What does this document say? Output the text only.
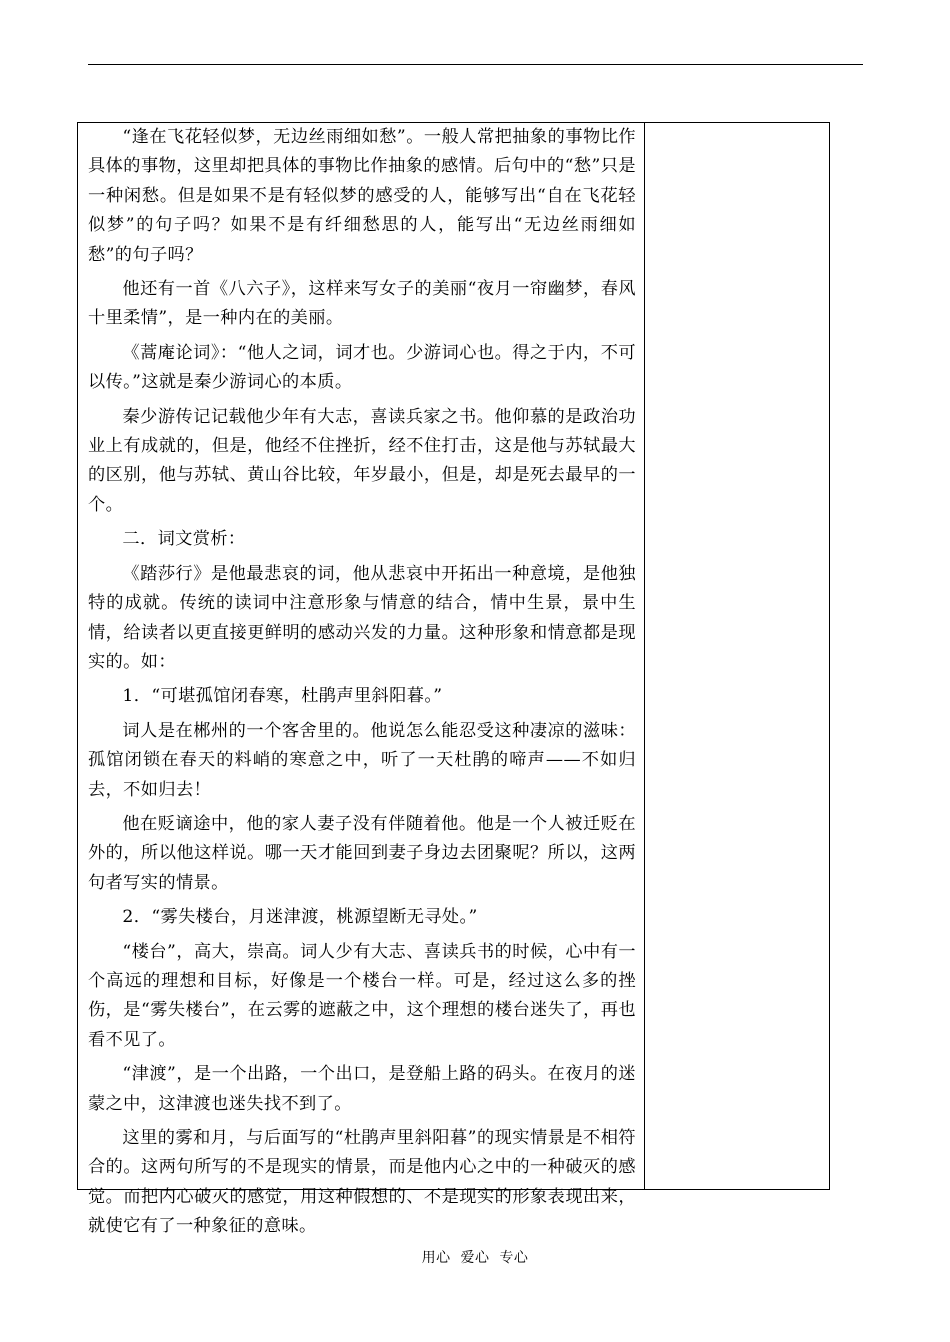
“逢在飞花轻似梦，无边丝雨细如愁”。一般人常把抽象的事物比作具体的事物，这里却把具体的事物比作抽象的感情。后句中的“愁”只是一种闲愁。但是如果不是有轻似梦的感受的人，能够写出“自在飞花轻似梦”的句子吗？如果不是有纤细愁思的人，能写出“无边丝雨细如愁”的句子吗？

他还有一首《八六子》，这样来写女子的美丽“夜月一帘幽梦，春风十里柔情”，是一种内在的美丽。

《蒿庵论词》：“他人之词，词才也。少游词心也。得之于内，不可以传。”这就是秦少游词心的本质。

秦少游传记记载他少年有大志，喜读兵家之书。他仰慕的是政治功业上有成就的，但是，他经不住挫折，经不住打击，这是他与苏轼最大的区别，他与苏轼、黄山谷比较，年岁最小，但是，却是死去最早的一个。

二．词文赏析：

《踏莎行》是他最悲哀的词，他从悲哀中开拓出一种意境，是他独特的成就。传统的读词中注意形象与情意的结合，情中生景，景中生情，给读者以更直接更鲜明的感动兴发的力量。这种形象和情意都是现实的。如：

1．“可堪孤馆闭春寒，杜鹃声里斜阳暮。”

词人是在郴州的一个客舍里的。他说怎么能忍受这种凄凉的滋味：孤馆闭锁在春天的料峭的寒意之中，听了一天杜鹃的啼声——不如归去，不如归去！

他在贬谪途中，他的家人妻子没有伴随着他。他是一个人被迁贬在外的，所以他这样说。哪一天才能回到妻子身边去团聚呢？所以，这两句者写实的情景。

2．“雾失楼台，月迷津渡，桃源望断无寻处。”

“楼台”，高大，崇高。词人少有大志、喜读兵书的时候，心中有一个高远的理想和目标，好像是一个楼台一样。可是，经过这么多的挫伤，是“雾失楼台”，在云雾的遮蔽之中，这个理想的楼台迷失了，再也看不见了。

“津渡”，是一个出路，一个出口，是登船上路的码头。在夜月的迷蒙之中，这津渡也迷失找不到了。

这里的雾和月，与后面写的“杜鹃声里斜阳暮”的现实情景是不相符合的。这两句所写的不是现实的情景，而是他内心之中的一种破灭的感觉。而把内心破灭的感觉，用这种假想的、不是现实的形象表现出来，就使它有了一种象征的意味。

用心  爱心  专心
